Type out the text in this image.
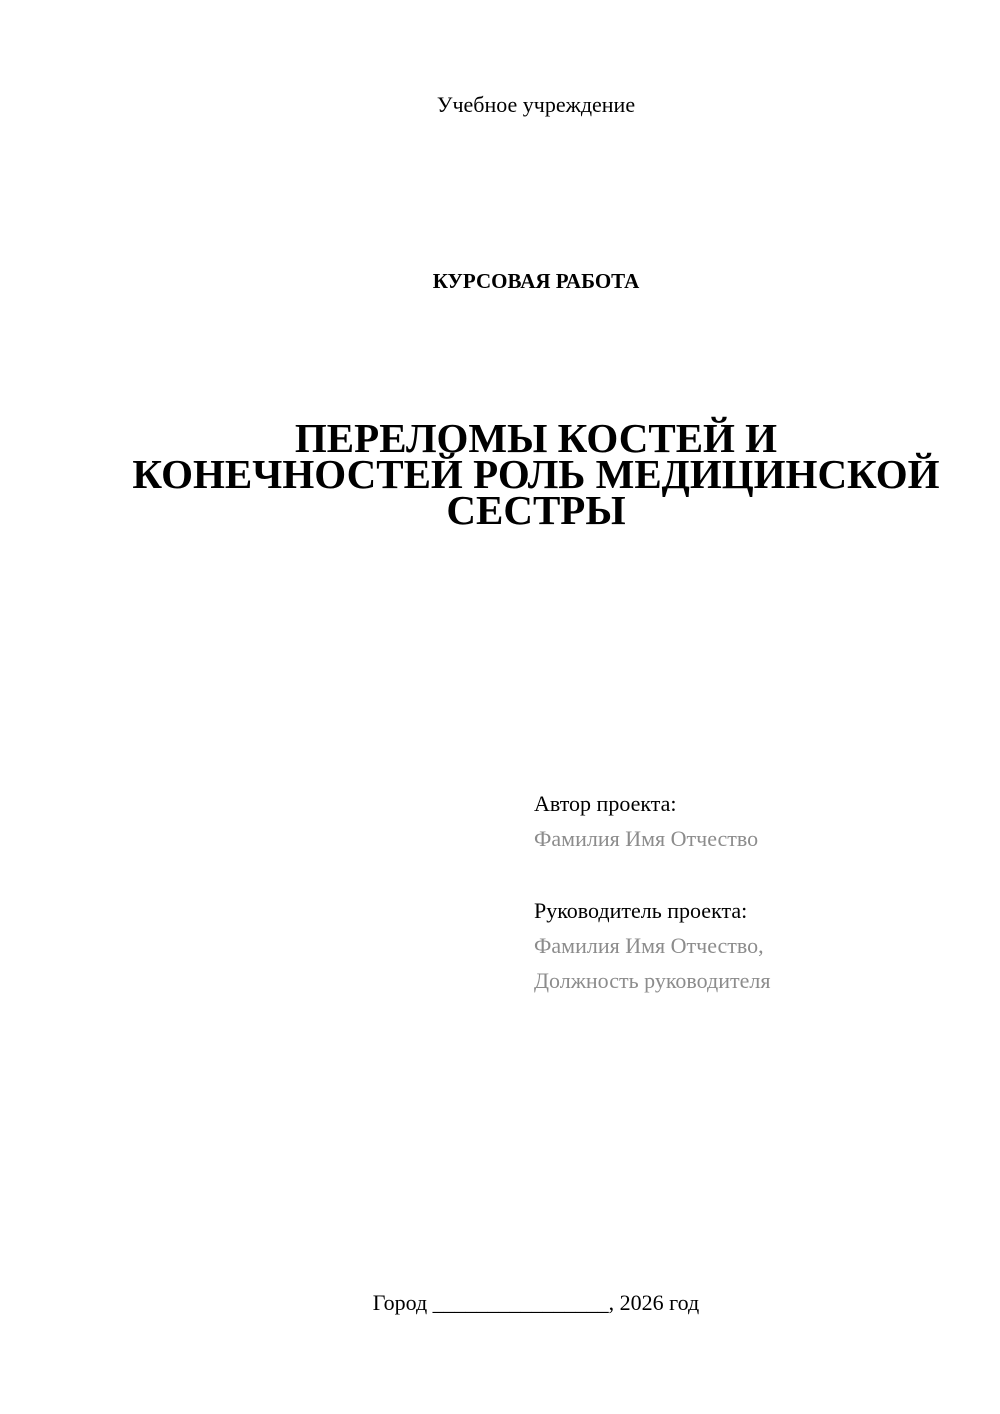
Учебное учреждение
КУРСОВАЯ РАБОТА
ПЕРЕЛОМЫ КОСТЕЙ И
КОНЕЧНОСТЕЙ РОЛЬ МЕДИЦИНСКОЙ
СЕСТРЫ
Автор проекта:
Фамилия Имя Отчество
Руководитель проекта:
Фамилия Имя Отчество,
Должность руководителя
Город ________________, 2026 год
